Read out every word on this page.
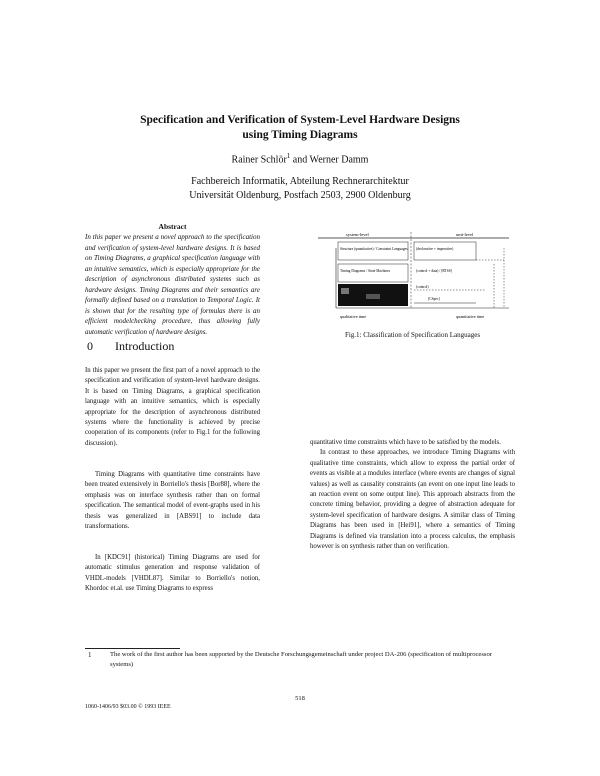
Specification and Verification of System-Level Hardware Designs
using Timing Diagrams
Rainer Schlör$^1$ and Werner Damm
Fachbereich Informatik, Abteilung Rechnerarchitektur
Universität Oldenburg, Postfach 2503, 2900 Oldenburg
Abstract
In this paper we present a novel approach to the specification and verification of system-level hardware designs. It is based on Timing Diagrams, a graphical specification language with an intuitive semantics, which is especially appropriate for the description of asynchronous distributed systems such as hardware designs. Timing Diagrams and their semantics are formally defined based on a translation to Temporal Logic. It is shown that for the resulting type of formulas there is an efficient modelchecking procedure, thus allowing fully automatic verification of hardware designs.
0 Introduction

In this paper we present the first part of a novel approach to the specification and verification of system-level hardware designs. It is based on Timing Diagrams, a graphical specification language with an intuitive semantics, which is especially appropriate for the description of asynchronous distributed systems where the functionality is achieved by precise cooperation of its components (refer to Fig.1 for the following discussion).

Timing Diagrams with quantitative time constraints have been treated extensively in Borriello's thesis [Bor88], where the emphasis was on interface synthesis rather than on formal specification. The semantical model of event-graphs used in his thesis was generalized in [ABS91] to include data transformations.

In [KDC91] (historical) Timing Diagrams are used for automatic stimulus generation and response validation of VHDL-models [VHDL87]. Similar to Borriello's notion, Khordoc et.al. use Timing Diagrams to express

system-level	unit-level
Structure (quantitative) / Constraint Languages (declarative + imperative)
Timing Diagrams / State Machines	(control + data) / [RTSS]
(control)
[CSpec]
qualitative time	quantitative time
Fig.1: Classification of Specification Languages

quantitative time constraints which have to be satisfied by the models.

In contrast to these approaches, we introduce Timing Diagrams with qualitative time constraints, which allow to express the partial order of events as visible at a modules interface (where events are changes of signal values) as well as causality constraints (an event on one input line leads to an reaction event on some output line). This approach abstracts from the concrete timing behavior, providing a degree of abstraction adequate for system-level specification of hardware designs. A similar class of Timing Diagrams has been used in [Hei91], where a semantics of Timing Diagrams is defined via translation into a process calculus, the emphasis however is on synthesis rather than on verification.

1	The work of the first author has been supported by the Deutsche Forschungsgemeinschaft under project DA-206 (specification of multiprocessor systems)
518
1060-1406/93 $03.00 © 1993 IEEE
